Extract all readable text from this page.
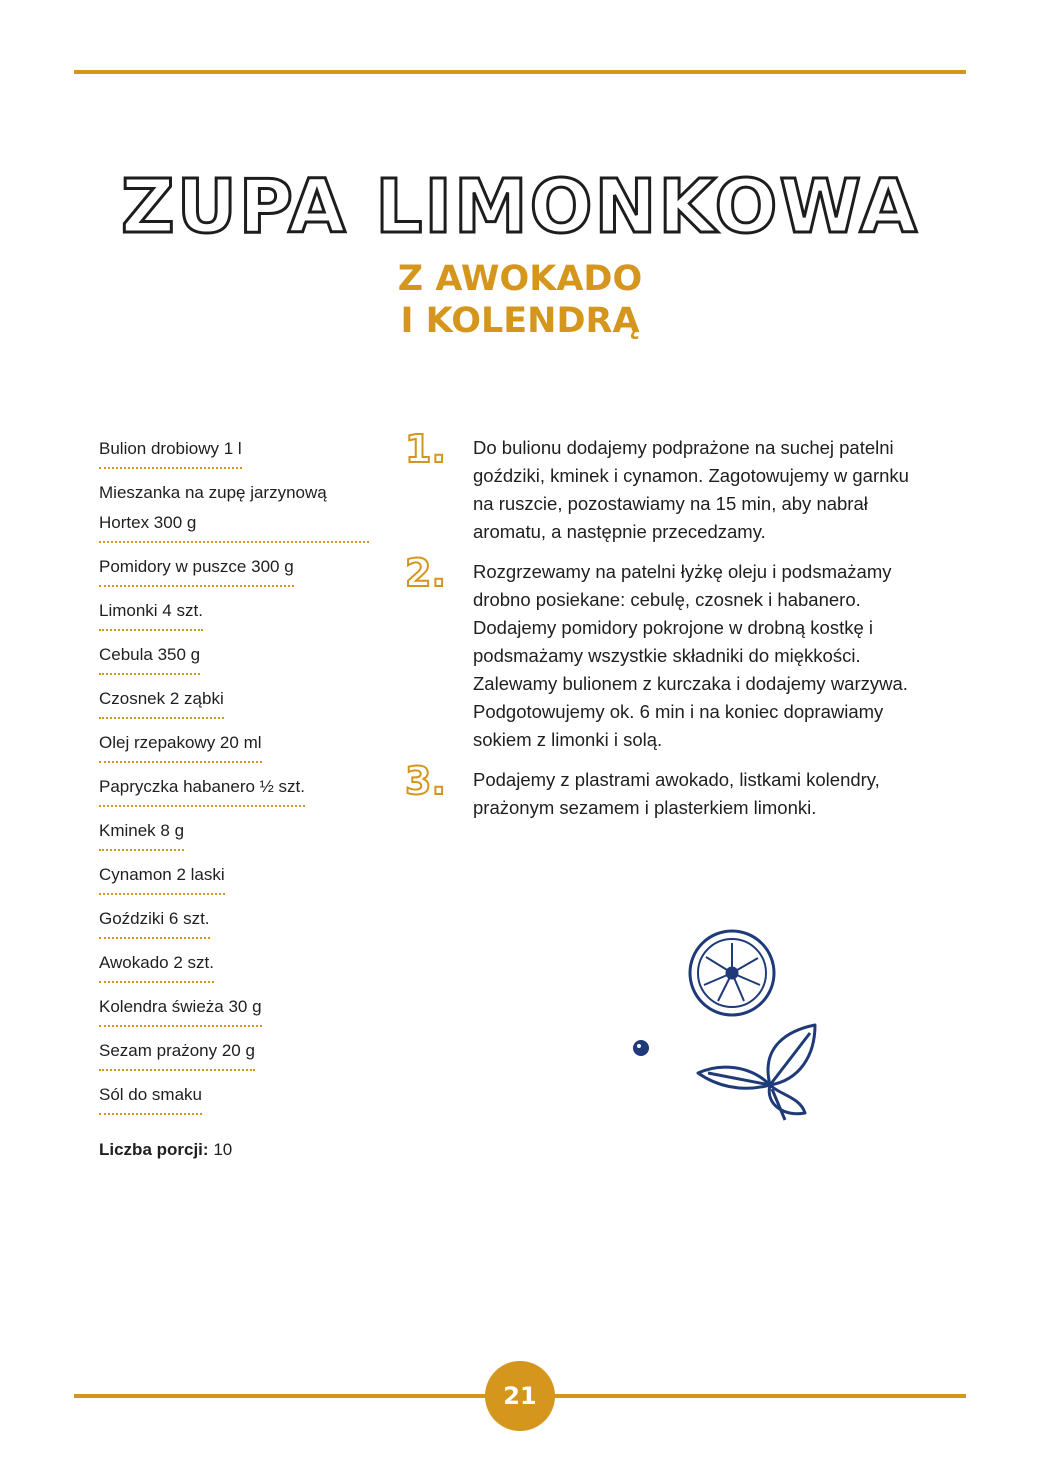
ZUPA LIMONKOWA
Z AWOKADO
I KOLENDRĄ
Bulion drobiowy 1 l
Mieszanka na zupę jarzynową Hortex 300 g
Pomidory w puszce 300 g
Limonki 4 szt.
Cebula 350 g
Czosnek 2 ząbki
Olej rzepakowy 20 ml
Papryczka habanero ½ szt.
Kminek 8 g
Cynamon 2 laski
Goździki 6 szt.
Awokado 2 szt.
Kolendra świeża 30 g
Sezam prażony 20 g
Sól do smaku
Liczba porcji: 10
1. Do bulionu dodajemy podprażone na suchej patelni goździki, kminek i cynamon. Zagotowujemy w garnku na ruszcie, pozostawiamy na 15 min, aby nabrał aromatu, a następnie przecedzamy.
2. Rozgrzewamy na patelni łyżkę oleju i podsmażamy drobno posiekane: cebulę, czosnek i habanero. Dodajemy pomidory pokrojone w drobną kostkę i podsmażamy wszystkie składniki do miękkości. Zalewamy bulionem z kurczaka i dodajemy warzywa. Podgotowujemy ok. 6 min i na koniec doprawiamy sokiem z limonki i solą.
3. Podajemy z plastrami awokado, listkami kolendry, prażonym sezamem i plasterkiem limonki.
21
